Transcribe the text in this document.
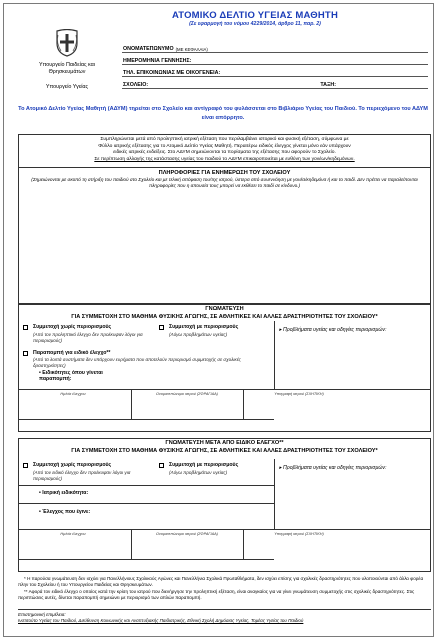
ΑΤΟΜΙΚΟ ΔΕΛΤΙΟ ΥΓΕΙΑΣ ΜΑΘΗΤΗ
(Σε εφαρμογή του νόμου 4229/2014, άρθρο 11, παρ. 2)
Υπουργείο Παιδείας και Θρησκευμάτων
Υπουργείο Υγείας
ΟΝΟΜΑΤΕΠΩΝΥΜΟ (ΜΕ ΚΕΦΑΛΑΙΑ)
ΗΜΕΡΟΜΗΝΙΑ ΓΕΝΝΗΣΗΣ:
ΤΗΛ. ΕΠΙΚΟΙΝΩΝΙΑΣ ΜΕ ΟΙΚΟΓΕΝΕΙΑ:
ΣΧΟΛΕΙΟ:	ΤΑΞΗ:
Το Ατομικό Δελτίο Υγείας Μαθητή (ΑΔΥΜ) τηρείται στο Σχολείο και αντίγραφό του φυλάσσεται στο Βιβλιάριο Υγείας του Παιδιού. Το περιεχόμενο του ΑΔΥΜ είναι απόρρητο.

Συμπληρώνεται μετά από προληπτική ιατρική εξέταση που περιλαμβάνει ιστορικό και φυσική εξέταση, σύμφωνα με

Φύλλο ιατρικής εξέτασης για το Ατομικό Δελτίο Υγείας Μαθητή. Περαιτέρω ειδικός έλεγχος γίνεται μόνο εάν υπάρχουν

ειδικές ιατρικές ενδείξεις. Στο ΑΔΥΜ σημειώνονται τα πορίσματα της εξέτασης που αφορούν το Σχολείο.

Σε περίπτωση αλλαγής της κατάστασης υγείας του παιδιού το ΑΔΥΜ επικαιροποιείται με ευθύνη των γονέων/κηδεμόνων.

ΠΛΗΡΟΦΟΡΙΕΣ ΓΙΑ ΕΝΗΜΕΡΩΣΗ ΤΟΥ ΣΧΟΛΕΙΟΥ
(Σημειώνονται με σκοπό τη στήριξη του παιδιού στο Σχολείο και με τελική απόφαση του/της ιατρού, ύστερα από συνεννόηση με γονέα/κηδεμόνα ή και το παιδί. Δεν πρέπει να παραλείπονται πληροφορίες που η απουσία τους μπορεί να εκθέσει το παιδί σε κίνδυνο.)
ΓΝΩΜΑΤΕΥΣΗ
ΓΙΑ ΣΥΜΜΕΤΟΧΗ ΣΤΟ ΜΑΘΗΜΑ ΦΥΣΙΚΗΣ ΑΓΩΓΗΣ, ΣΕ ΑΘΛΗΤΙΚΕΣ ΚΑΙ ΑΛΛΕΣ ΔΡΑΣΤΗΡΙΟΤΗΤΕΣ ΤΟΥ ΣΧΟΛΕΙΟΥ*
Συμμετοχή χωρίς περιορισμούς
(Από τον προληπτικό έλεγχο δεν προέκυψαν λόγοι για περιορισμούς)
Συμμετοχή με περιορισμούς
(Λόγω προβλημάτων υγείας)
▸ Προβλήματα υγείας και οδηγίες περιορισμών:
Παραπομπή για ειδικό έλεγχο**
(Από τα λοιπά συστήματα δεν υπάρχουν ευρήματα που αποτελούν περιορισμό συμμετοχής σε σχολικές δραστηριότητες)
• Ειδικότητες όπου γίνεται παραπομπή:
Ημ/νία έλεγχου	Ονοματεπώνυμο ιατρού (ΣΦΡΑΓΙΔΑ)	Υπογραφή ιατρού (ΣΧΗΤΙΚΗ)
ΓΝΩΜΑΤΕΥΣΗ ΜΕΤΑ ΑΠΟ ΕΙΔΙΚΟ ΕΛΕΓΧΟ**
ΓΙΑ ΣΥΜΜΕΤΟΧΗ ΣΤΟ ΜΑΘΗΜΑ ΦΥΣΙΚΗΣ ΑΓΩΓΗΣ, ΣΕ ΑΘΛΗΤΙΚΕΣ ΚΑΙ ΑΛΛΕΣ ΔΡΑΣΤΗΡΙΟΤΗΤΕΣ ΤΟΥ ΣΧΟΛΕΙΟΥ*
Συμμετοχή χωρίς περιορισμούς
(Από τον ειδικό έλεγχο δεν προέκυψαν λόγοι για περιορισμούς)
Συμμετοχή με περιορισμούς
(Λόγω προβλημάτων υγείας)
▸ Προβλήματα υγείας και οδηγίες περιορισμών:
• Ιατρική ειδικότητα:
• Έλεγχος που έγινε:
Ημ/νία έλεγχου	Ονοματεπώνυμο ιατρού (ΣΦΡΑΓΙΔΑ)	Υπογραφή ιατρού (ΣΧΗΤΙΚΗ)

* Η παρούσα γνωμάτευση δεν ισχύει για Πανελλήνιους Σχολικούς Αγώνες και Πανελλήνια Σχολικά Πρωταθλήματα, δεν ισχύει επίσης για σχολικές δραστηριότητες που υλοποιούνται από άλλο φορέα πλην του Σχολείου ή του Υπουργείου Παιδείας και Θρησκευμάτων.

** Αφορά τον ειδικό έλεγχο ο οποίος κατά την κρίση του ιατρού που διενήργησε την προληπτική εξέταση, είναι αναγκαίος για να γίνει γνωμάτευση συμμετοχής στις σχολικές δραστηριότητες. Στις περιπτώσεις αυτές, δίνεται παραπομπή σημειώνει με περιορισμό των απλών παραπομπή.

Επιστημονική επιμέλεια:
Ινστιτούτο Υγείας του Παιδιού, Διεύθυνση Κοινωνικής και Αναπτυξιακής Παιδιατρικής, Εθνική Σχολή Δημόσιας Υγείας, Τομέας Υγείας του Παιδιού
